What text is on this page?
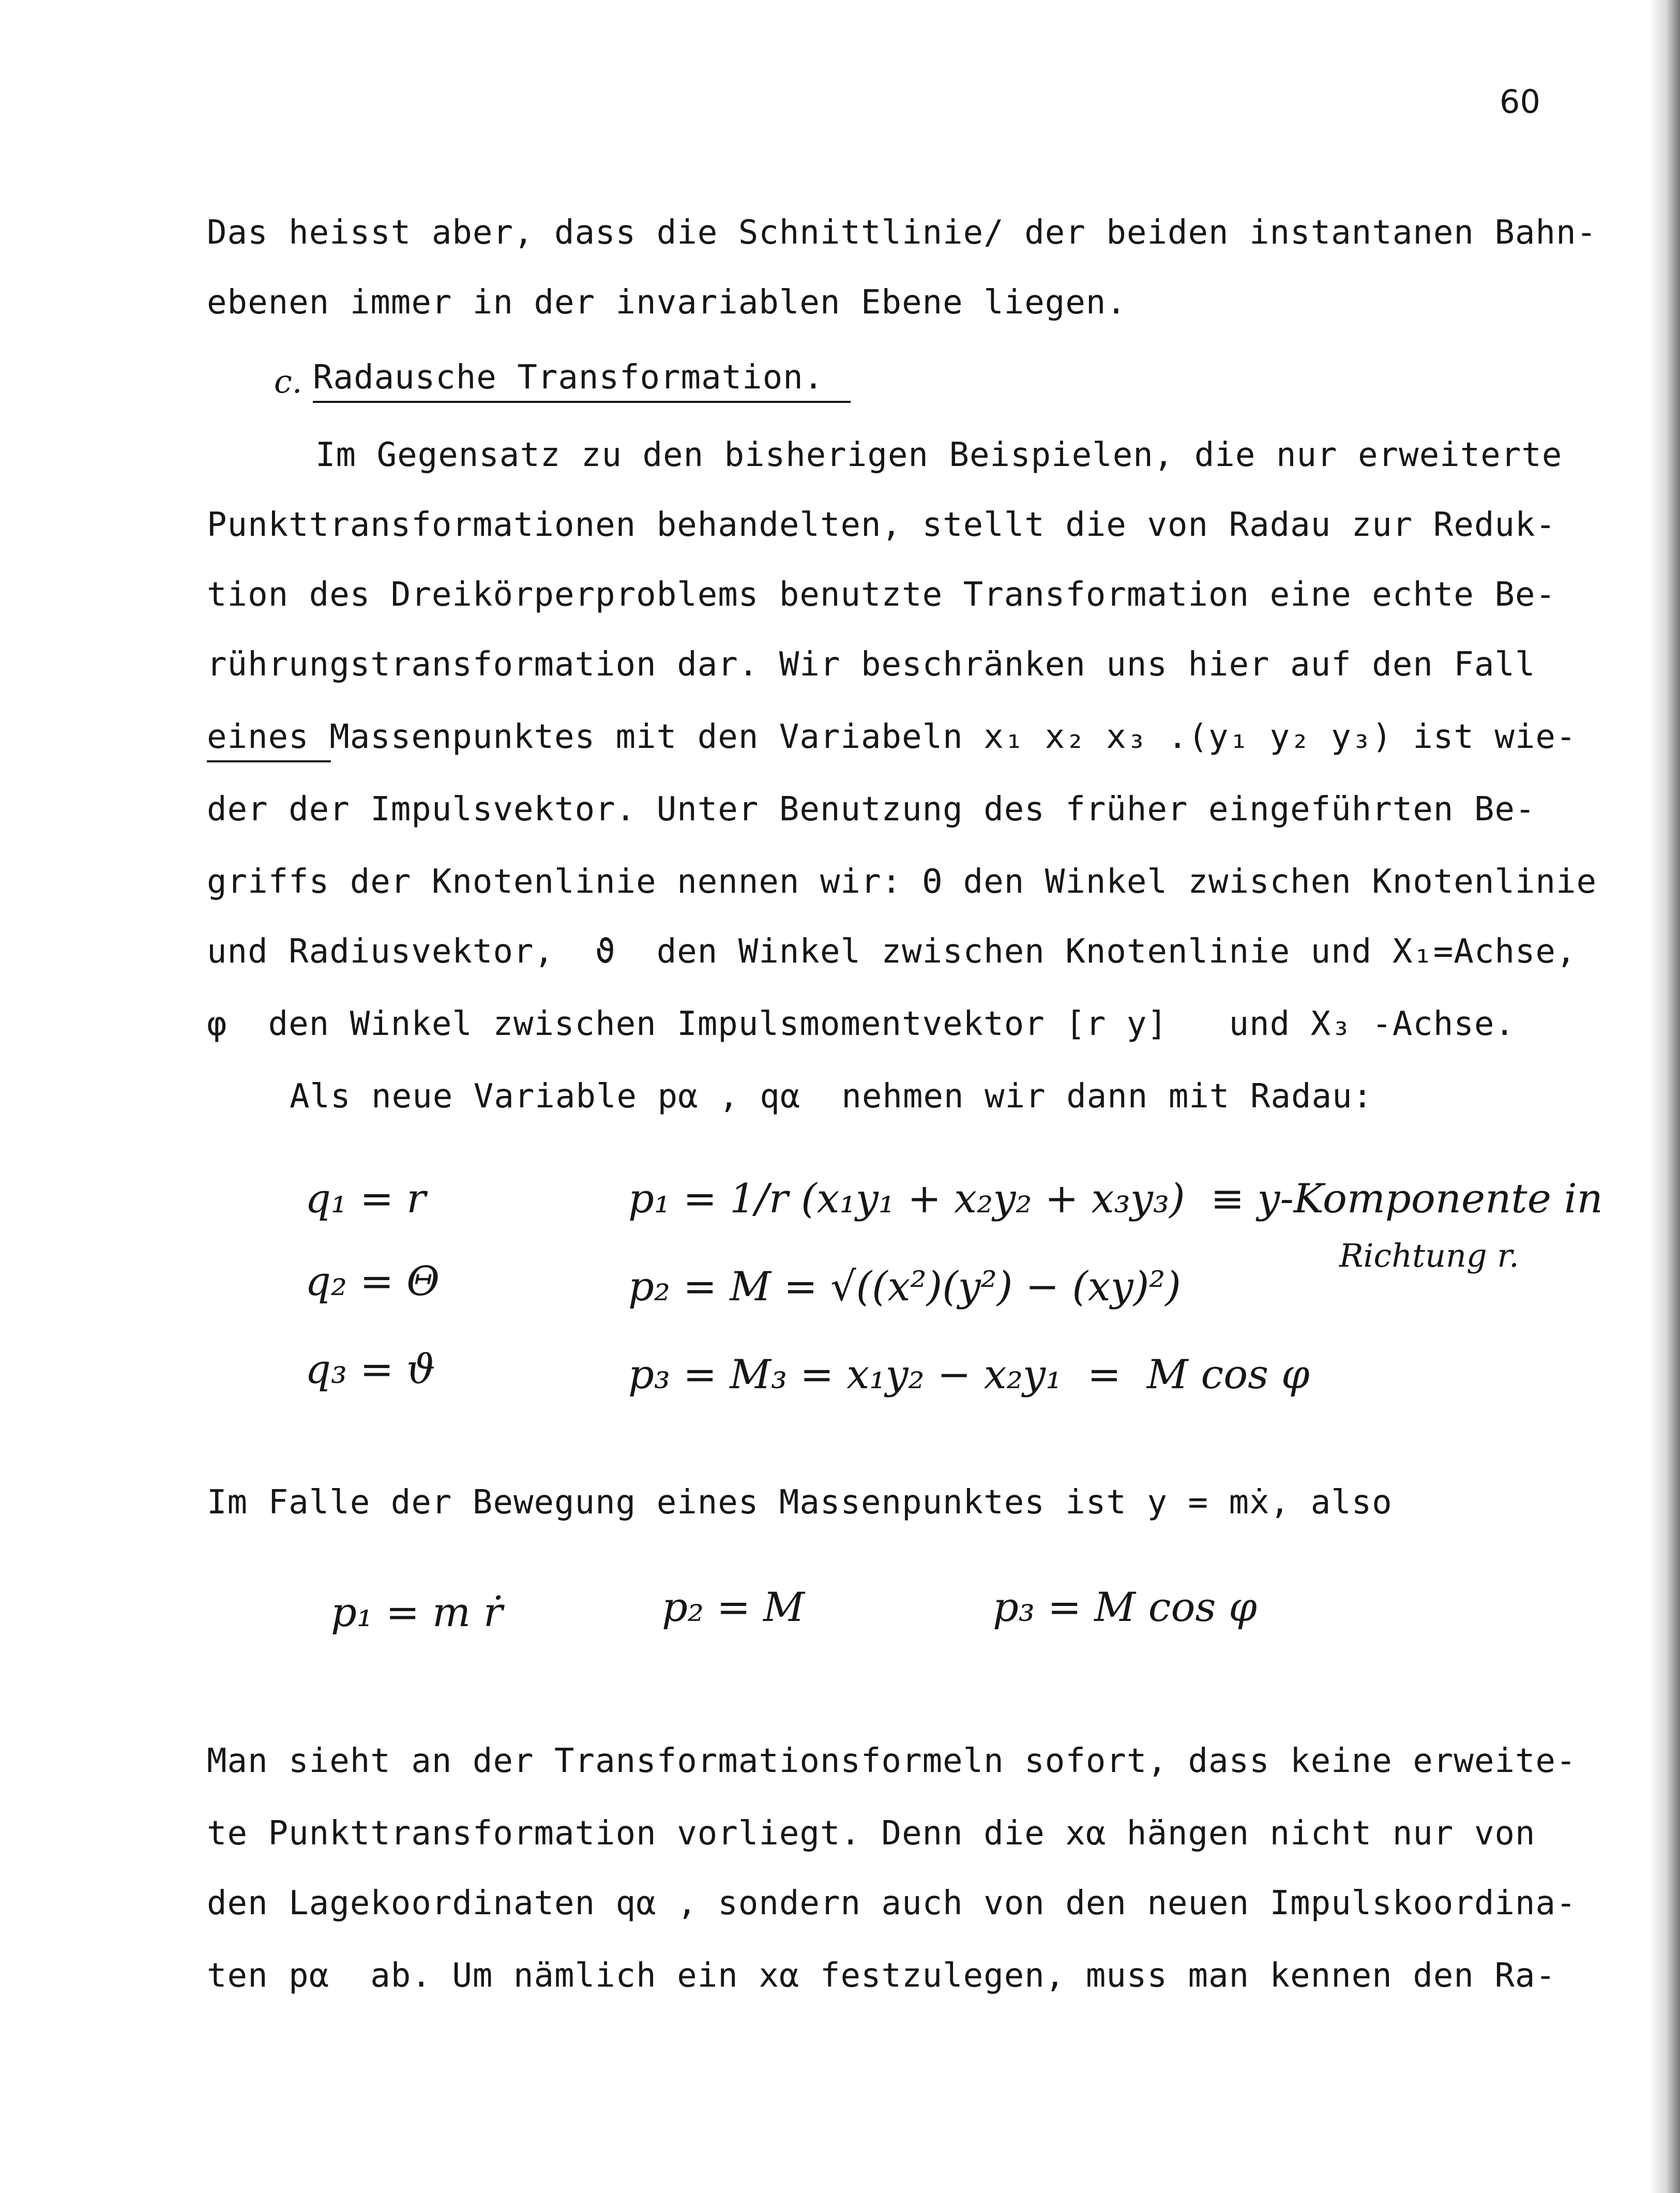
60
Das heisst aber, dass die Schnittlinie/ der beiden instantanen Bahn-
ebenen immer in der invariablen Ebene liegen.
c. Radausche Transformation.
Im Gegensatz zu den bisherigen Beispielen, die nur erweiterte
Punkttransformationen behandelten, stellt die von Radau zur Reduk-
tion des Dreikörperproblems benutzte Transformation eine echte Be-
rührungstransformation dar. Wir beschränken uns hier auf den Fall
eines Massenpunktes mit den Variabeln x₁ x₂ x₃ .(y₁ y₂ y₃) ist wie-
der der Impulsvektor. Unter Benutzung des früher eingeführten Be-
griffs der Knotenlinie nennen wir: Θ den Winkel zwischen Knotenlinie
und Radiusvektor,  ϑ  den Winkel zwischen Knotenlinie und X₁=Achse,
φ  den Winkel zwischen Impulsmomentvektor [r y]   und X₃ -Achse.
Als neue Variable pα , qα  nehmen wir dann mit Radau:
q₁ = r
q₂ = Θ
q₃ = ϑ
p₁ = 1/r (x₁y₁ + x₂y₂ + x₃y₃)  ≡ y-Komponente in
Richtung r.
p₂ = M = √((x²)(y²) − (xy)²)
p₃ = M₃ = x₁y₂ − x₂y₁  =  M cos φ
Im Falle der Bewegung eines Massenpunktes ist y = mẋ, also
p₁ = m ṙ	p₂ = M	p₃ = M cos φ
Man sieht an der Transformationsformeln sofort, dass keine erweite-
te Punkttransformation vorliegt. Denn die xα hängen nicht nur von
den Lagekoordinaten qα , sondern auch von den neuen Impulskoordina-
ten pα  ab. Um nämlich ein xα festzulegen, muss man kennen den Ra-
